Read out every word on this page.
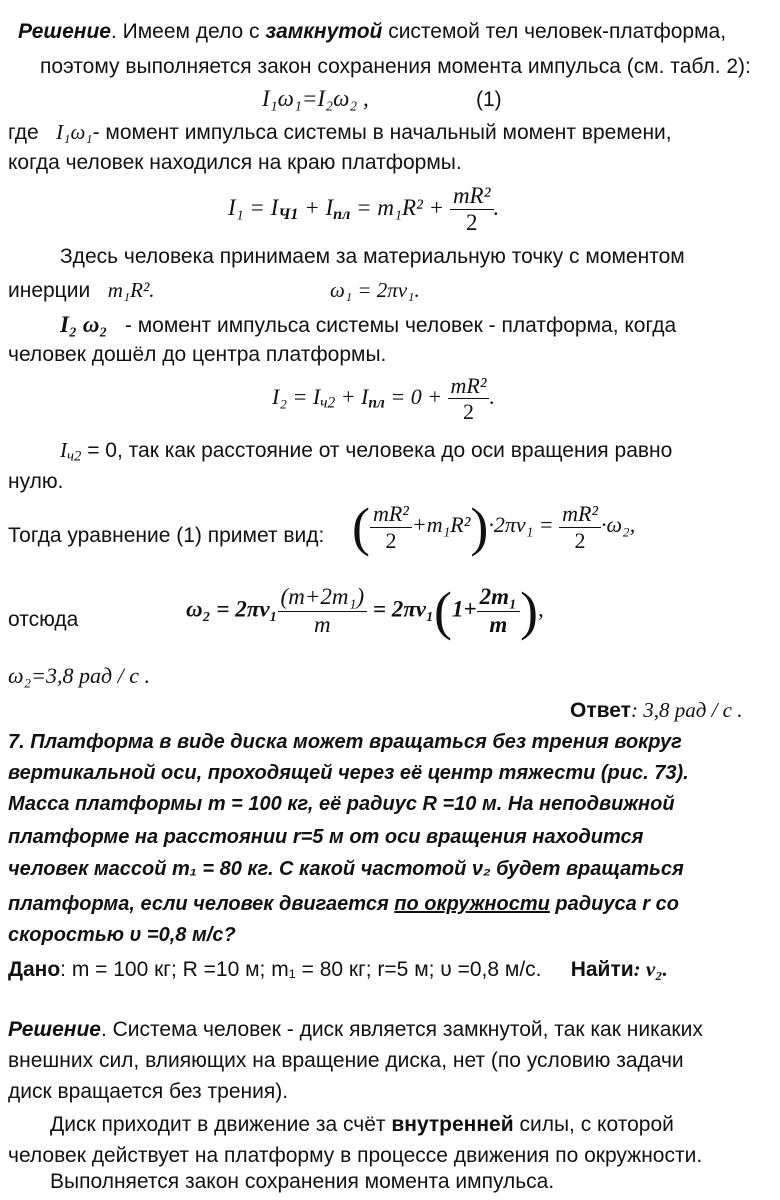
Решение. Имеем дело с замкнутой системой тел человек-платформа,
поэтому выполняется закон сохранения момента импульса (см. табл. 2):
I₁ω₁=I₂ω₂ ,	(1)
где I₁ω₁- момент импульса системы в начальный момент времени,
когда человек находился на краю платформы.
$I_1 = I_{Ч1} + I_{пл} = m_1R^2 + \frac{\text{mR²}}{2}$ .
Здесь человека принимаем за материальную точку с моментом
инерции m₁R².	ω₁ = 2πν₁.
I₂ ω₂ - момент импульса системы человек - платформа, когда
человек дошёл до центра платформы.
$I_2 = I_{ч2} + I_{пл} = 0 + \frac{\text{mR²}}{2}$ .
$I_{ч2} = 0$, так как расстояние от человека до оси вращения равно
нулю.
Тогда уравнение (1) примет вид: ( $\frac{\text{mR²}}{2} +m_1R^2)\cdot 2\pi\nu_1 = \frac{\text{mR²}}{2} \cdot\omega_2$,
отсюда	$\omega_2 = 2\pi\nu_1 \frac{\text{(m+2m₁)}}{m} = 2\pi\nu_1(1+ \frac{\text{2m₁}}{m}$ ),
ω₂=3,8 рад / с .
Ответ: 3,8 рад / с .
7. Платформа в виде диска может вращаться без трения вокруг
вертикальной оси, проходящей через её центр тяжести (рис. 73).
Масса платформы m = 100 кг, её радиус R =10 м. На неподвижной
платформе на расстоянии r=5 м от оси вращения находится
человек массой m₁ = 80 кг. С какой частотой ν₂ будет вращаться
платформа, если человек двигается по окружности радиуса r со
скоростью υ =0,8 м/с?
Дано: m = 100 кг; R =10 м; m₁ = 80 кг; r=5 м; υ =0,8 м/с. Найти: ν₂.
Решение. Система человек - диск является замкнутой, так как никаких
внешних сил, влияющих на вращение диска, нет (по условию задачи
диск вращается без трения).
Диск приходит в движение за счёт внутренней силы, с которой
человек действует на платформу в процессе движения по окружности.
Выполняется закон сохранения момента импульса.
